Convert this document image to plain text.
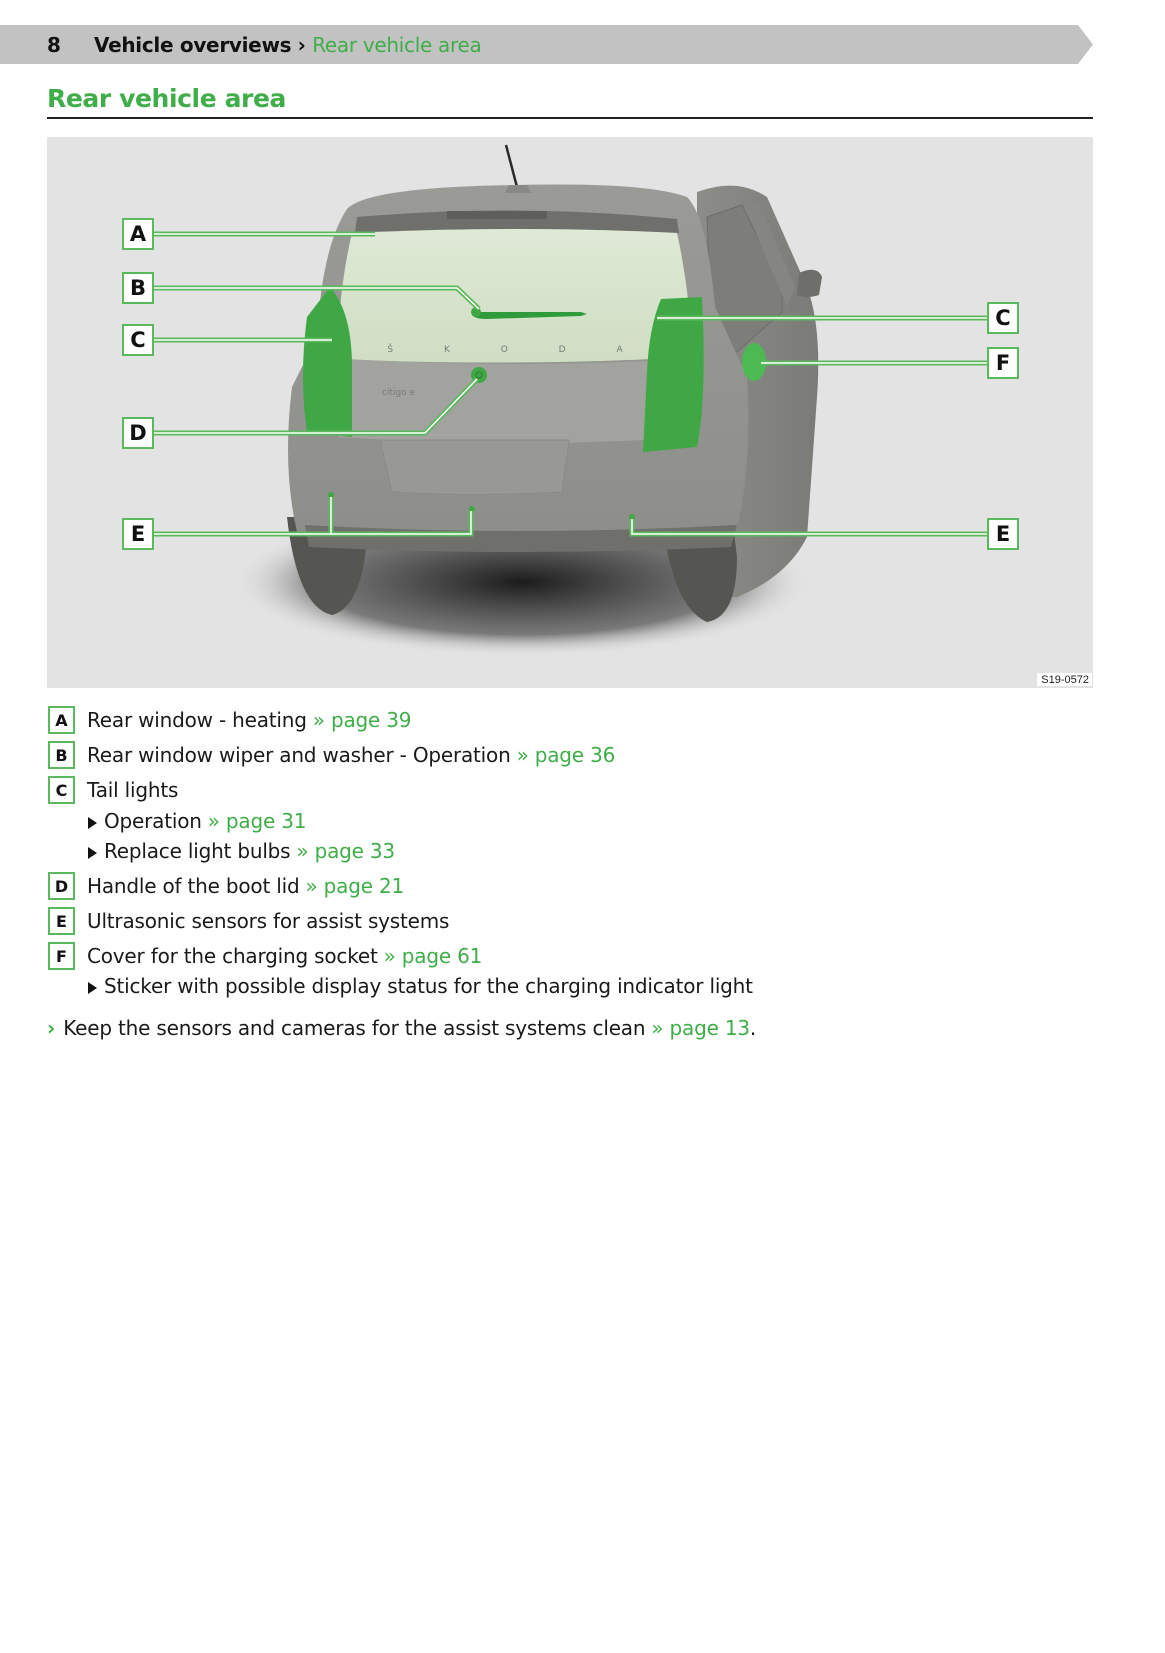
8 Vehicle overviews › Rear vehicle area
Rear vehicle area
Š K O D A
citigo e
A
B
C
D
E
C
F
E
S19-0572
A Rear window - heating » page 39
B Rear window wiper and washer - Operation » page 36
C Tail lights
Operation » page 31
Replace light bulbs » page 33
D Handle of the boot lid » page 21
E	Ultrasonic sensors for assist systems
F	Cover for the charging socket » page 61
Sticker with possible display status for the charging indicator light
› Keep the sensors and cameras for the assist systems clean » page 13 .
